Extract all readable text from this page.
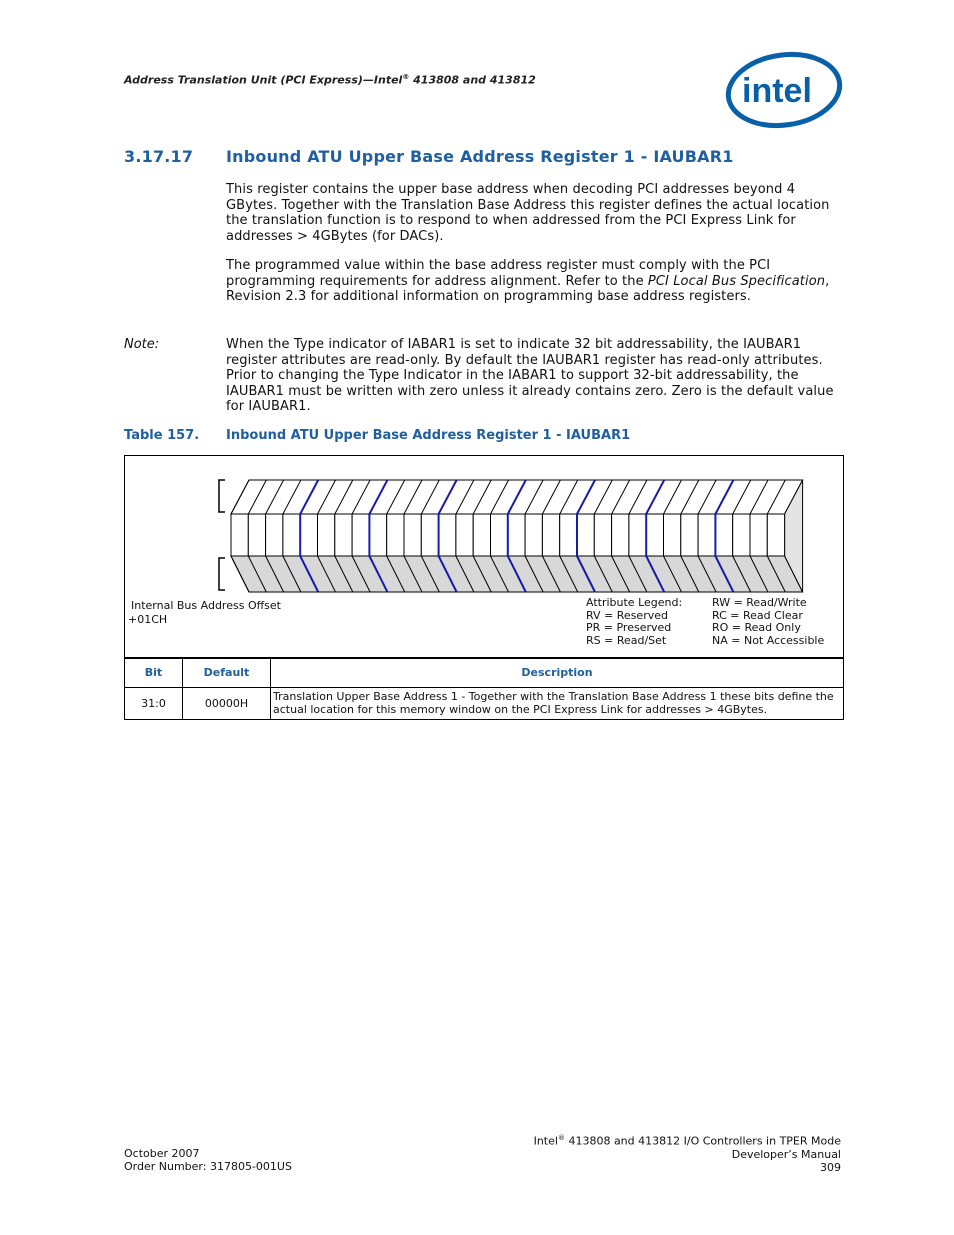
Address Translation Unit (PCI Express)—Intel® 413808 and 413812	intel
3.17.17 Inbound ATU Upper Base Address Register 1 - IAUBAR1
This register contains the upper base address when decoding PCI addresses beyond 4 GBytes. Together with the Translation Base Address this register defines the actual location the translation function is to respond to when addressed from the PCI Express Link for addresses > 4GBytes (for DACs).
The programmed value within the base address register must comply with the PCI programming requirements for address alignment. Refer to the PCI Local Bus Specification, Revision 2.3 for additional information on programming base address registers.
Note:	When the Type indicator of IABAR1 is set to indicate 32 bit addressability, the IAUBAR1 register attributes are read-only. By default the IAUBAR1 register has read-only attributes. Prior to changing the Type Indicator in the IABAR1 to support 32-bit addressability, the IAUBAR1 must be written with zero unless it already contains zero. Zero is the default value for IAUBAR1.
Table 157. Inbound ATU Upper Base Address Register 1 - IAUBAR1
Internal Bus Address Offset
+01CH
Attribute Legend:
RV = Reserved
PR = Preserved
RS = Read/Set
RW = Read/Write
RC = Read Clear
RO = Read Only
NA = Not Accessible
Bit	Default	Description
31:0	00000H	Translation Upper Base Address 1 - Together with the Translation Base Address 1 these bits define the actual location for this memory window on the PCI Express Link for addresses > 4GBytes.
October 2007
Order Number: 317805-001US
Intel® 413808 and 413812 I/O Controllers in TPER Mode
Developer’s Manual
309
